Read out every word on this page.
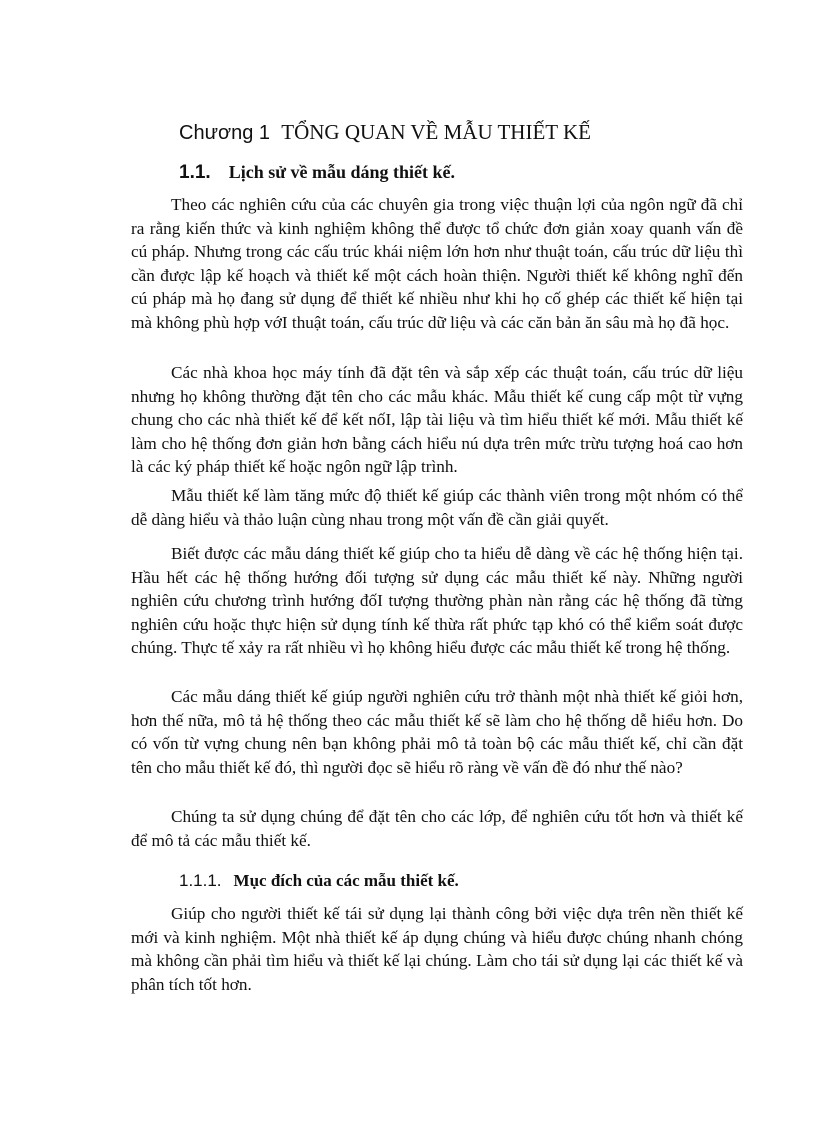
Chương 1 TỔNG QUAN VỀ MẪU THIẾT KẾ
1.1. Lịch sử về mẫu dáng thiết kế.

Theo các nghiên cứu của các chuyên gia trong việc thuận lợi của ngôn ngữ đã chỉ ra rằng kiến thức và kinh nghiệm không thể được tổ chức đơn giản xoay quanh vấn đề cú pháp. Nhưng trong các cấu trúc khái niệm lớn hơn như thuật toán, cấu trúc dữ liệu thì cần được lập kế hoạch và thiết kế một cách hoàn thiện. Người thiết kế không nghĩ đến cú pháp mà họ đang sử dụng để thiết kế nhiều như khi họ cố ghép các thiết kế hiện tại mà không phù hợp vớI thuật toán, cấu trúc dữ liệu và các căn bản ăn sâu mà họ đã học.

Các nhà khoa học máy tính đã đặt tên và sắp xếp các thuật toán, cấu trúc dữ liệu nhưng họ không thường đặt tên cho các mẫu khác. Mẫu thiết kế cung cấp một từ vựng chung cho các nhà thiết kế để kết nốI, lập tài liệu và tìm hiểu thiết kế mới. Mẫu thiết kế làm cho hệ thống đơn giản hơn bằng cách hiểu nú dựa trên mức trừu tượng hoá cao hơn là các ký pháp thiết kế hoặc ngôn ngữ lập trình.

Mẫu thiết kế làm tăng mức độ thiết kế giúp các thành viên trong một nhóm có thể dễ dàng hiểu và thảo luận cùng nhau trong một vấn đề cần giải quyết.

Biết được các mẫu dáng thiết kế giúp cho ta hiểu dễ dàng về các hệ thống hiện tại. Hầu hết các hệ thống hướng đối tượng sử dụng các mẫu thiết kế này. Những người nghiên cứu chương trình hướng đốI tượng thường phàn nàn rằng các hệ thống đã từng nghiên cứu hoặc thực hiện sử dụng tính kế thừa rất phức tạp khó có thể kiểm soát được chúng. Thực tế xảy ra rất nhiều vì họ không hiểu được các mẫu thiết kế trong hệ thống.

Các mẫu dáng thiết kế giúp người nghiên cứu trở thành một nhà thiết kế giỏi hơn, hơn thế nữa, mô tả hệ thống theo các mẫu thiết kế sẽ làm cho hệ thống dễ hiểu hơn. Do có vốn từ vựng chung nên bạn không phải mô tả toàn bộ các mẫu thiết kế, chỉ cần đặt tên cho mẫu thiết kế đó, thì người đọc sẽ hiểu rõ ràng về vấn đề đó như thế nào?

Chúng ta sử dụng chúng để đặt tên cho các lớp, để nghiên cứu tốt hơn và thiết kế để mô tả các mẫu thiết kế.

1.1.1. Mục đích của các mẫu thiết kế.

Giúp cho người thiết kế tái sử dụng lại thành công bởi việc dựa trên nền thiết kế mới và kinh nghiệm. Một nhà thiết kế áp dụng chúng và hiểu được chúng nhanh chóng mà không cần phải tìm hiểu và thiết kế lại chúng. Làm cho tái sử dụng lại các thiết kế và phân tích tốt hơn.
